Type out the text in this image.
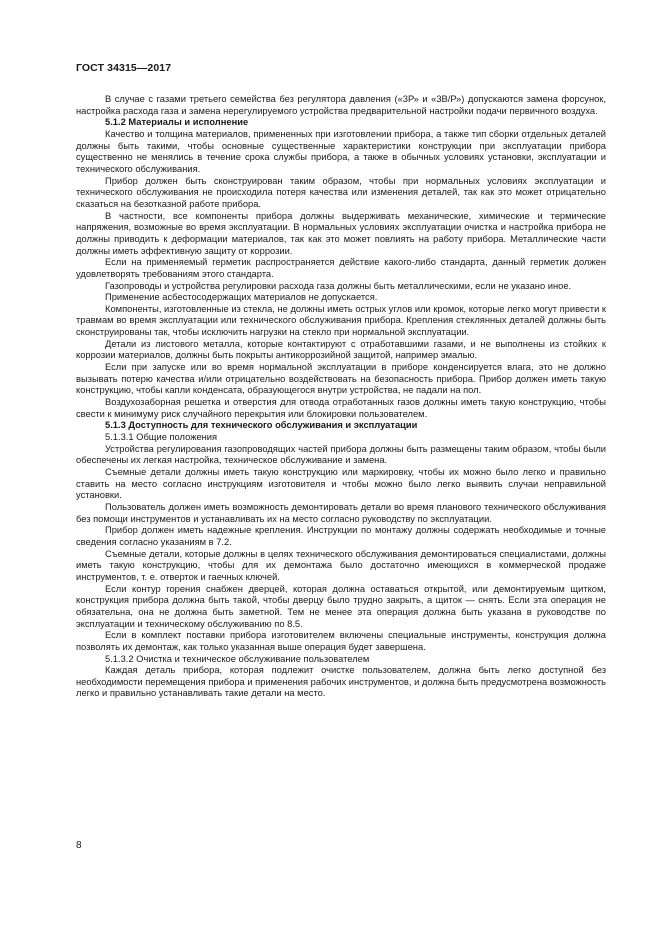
ГОСТ 34315—2017

В случае с газами третьего семейства без регулятора давления («3Р» и «3В/Р») допускаются замена форсунок, настройка расхода газа и замена нерегулируемого устройства предварительной настройки подачи первичного воздуха.

5.1.2 Материалы и исполнение

Качество и толщина материалов, примененных при изготовлении прибора, а также тип сборки отдельных деталей должны быть такими, чтобы основные существенные характеристики конструкции при эксплуатации прибора существенно не менялись в течение срока службы прибора, а также в обычных условиях установки, эксплуатации и технического обслуживания.

Прибор должен быть сконструирован таким образом, чтобы при нормальных условиях эксплуатации и технического обслуживания не происходила потеря качества или изменения деталей, так как это может отрицательно сказаться на безотказной работе прибора.

В частности, все компоненты прибора должны выдерживать механические, химические и термические напряжения, возможные во время эксплуатации. В нормальных условиях эксплуатации очистка и настройка прибора не должны приводить к деформации материалов, так как это может повлиять на работу прибора. Металлические части должны иметь эффективную защиту от коррозии.

Если на применяемый герметик распространяется действие какого-либо стандарта, данный герметик должен удовлетворять требованиям этого стандарта.

Газопроводы и устройства регулировки расхода газа должны быть металлическими, если не указано иное.

Применение асбестосодержащих материалов не допускается.

Компоненты, изготовленные из стекла, не должны иметь острых углов или кромок, которые легко могут привести к травмам во время эксплуатации или технического обслуживания прибора. Крепления стеклянных деталей должны быть сконструированы так, чтобы исключить нагрузки на стекло при нормальной эксплуатации.

Детали из листового металла, которые контактируют с отработавшими газами, и не выполнены из стойких к коррозии материалов, должны быть покрыты антикоррозийной защитой, например эмалью.

Если при запуске или во время нормальной эксплуатации в приборе конденсируется влага, это не должно вызывать потерю качества и/или отрицательно воздействовать на безопасность прибора. Прибор должен иметь такую конструкцию, чтобы капли конденсата, образующегося внутри устройства, не падали на пол.

Воздухозаборная решетка и отверстия для отвода отработанных газов должны иметь такую конструкцию, чтобы свести к минимуму риск случайного перекрытия или блокировки пользователем.

5.1.3 Доступность для технического обслуживания и эксплуатации

5.1.3.1 Общие положения

Устройства регулирования газопроводящих частей прибора должны быть размещены таким образом, чтобы были обеспечены их легкая настройка, техническое обслуживание и замена.

Съемные детали должны иметь такую конструкцию или маркировку, чтобы их можно было легко и правильно ставить на место согласно инструкциям изготовителя и чтобы можно было легко выявить случаи неправильной установки.

Пользователь должен иметь возможность демонтировать детали во время планового технического обслуживания без помощи инструментов и устанавливать их на место согласно руководству по эксплуатации.

Прибор должен иметь надежные крепления. Инструкции по монтажу должны содержать необходимые и точные сведения согласно указаниям в 7.2.

Съемные детали, которые должны в целях технического обслуживания демонтироваться специалистами, должны иметь такую конструкцию, чтобы для их демонтажа было достаточно имеющихся в коммерческой продаже инструментов, т. е. отверток и гаечных ключей.

Если контур горения снабжен дверцей, которая должна оставаться открытой, или демонтируемым щитком, конструкция прибора должна быть такой, чтобы дверцу было трудно закрыть, а щиток — снять. Если эта операция не обязательна, она не должна быть заметной. Тем не менее эта операция должна быть указана в руководстве по эксплуатации и техническому обслуживанию по 8.5.

Если в комплект поставки прибора изготовителем включены специальные инструменты, конструкция должна позволять их демонтаж, как только указанная выше операция будет завершена.

5.1.3.2 Очистка и техническое обслуживание пользователем

Каждая деталь прибора, которая подлежит очистке пользователем, должна быть легко доступной без необходимости перемещения прибора и применения рабочих инструментов, и должна быть предусмотрена возможность легко и правильно устанавливать такие детали на место.

8
